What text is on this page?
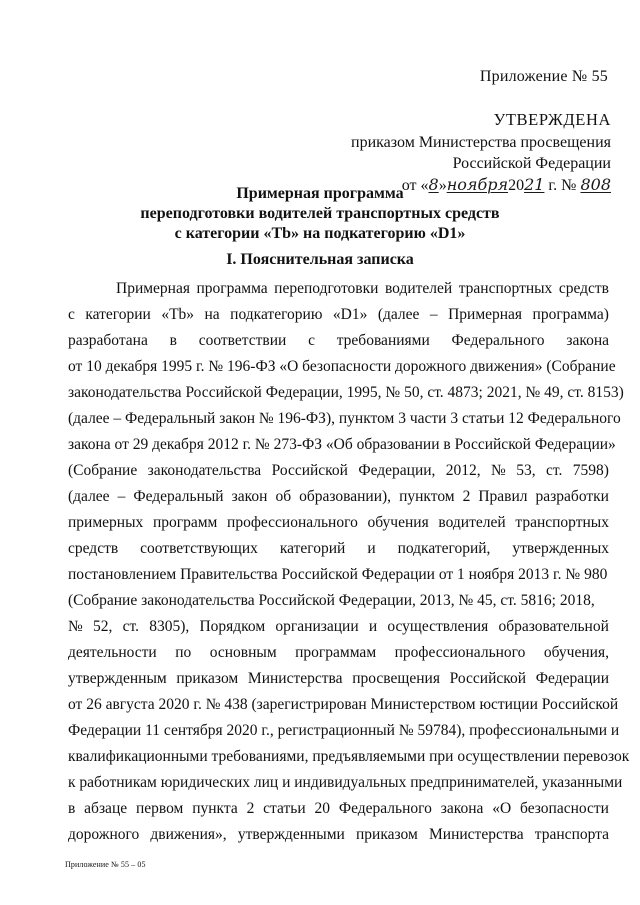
Приложение № 55
УТВЕРЖДЕНА
приказом Министерства просвещения
Российской Федерации
от «8»ноября2021 г. № 808
Примерная программа
переподготовки водителей транспортных средств
с категории «Tb» на подкатегорию «D1»
I. Пояснительная записка
Примерная программа переподготовки водителей транспортных средств
с категории «Tb» на подкатегорию «D1» (далее – Примерная программа)
разработана в соответствии с требованиями Федерального закона
от 10 декабря 1995 г. № 196-ФЗ «О безопасности дорожного движения» (Собрание
законодательства Российской Федерации, 1995, № 50, ст. 4873; 2021, № 49, ст. 8153)
(далее – Федеральный закон № 196-ФЗ), пунктом 3 части 3 статьи 12 Федерального
закона от 29 декабря 2012 г. № 273-ФЗ «Об образовании в Российской Федерации»
(Собрание законодательства Российской Федерации, 2012, № 53, ст. 7598)
(далее – Федеральный закон об образовании), пунктом 2 Правил разработки
примерных программ профессионального обучения водителей транспортных
средств соответствующих категорий и подкатегорий, утвержденных
постановлением Правительства Российской Федерации от 1 ноября 2013 г. № 980
(Собрание законодательства Российской Федерации, 2013, № 45, ст. 5816; 2018,
№ 52, ст. 8305), Порядком организации и осуществления образовательной
деятельности по основным программам профессионального обучения,
утвержденным приказом Министерства просвещения Российской Федерации
от 26 августа 2020 г. № 438 (зарегистрирован Министерством юстиции Российской
Федерации 11 сентября 2020 г., регистрационный № 59784), профессиональными и
квалификационными требованиями, предъявляемыми при осуществлении перевозок
к работникам юридических лиц и индивидуальных предпринимателей, указанными
в абзаце первом пункта 2 статьи 20 Федерального закона «О безопасности
дорожного движения», утвержденными приказом Министерства транспорта
Приложение № 55 – 05
